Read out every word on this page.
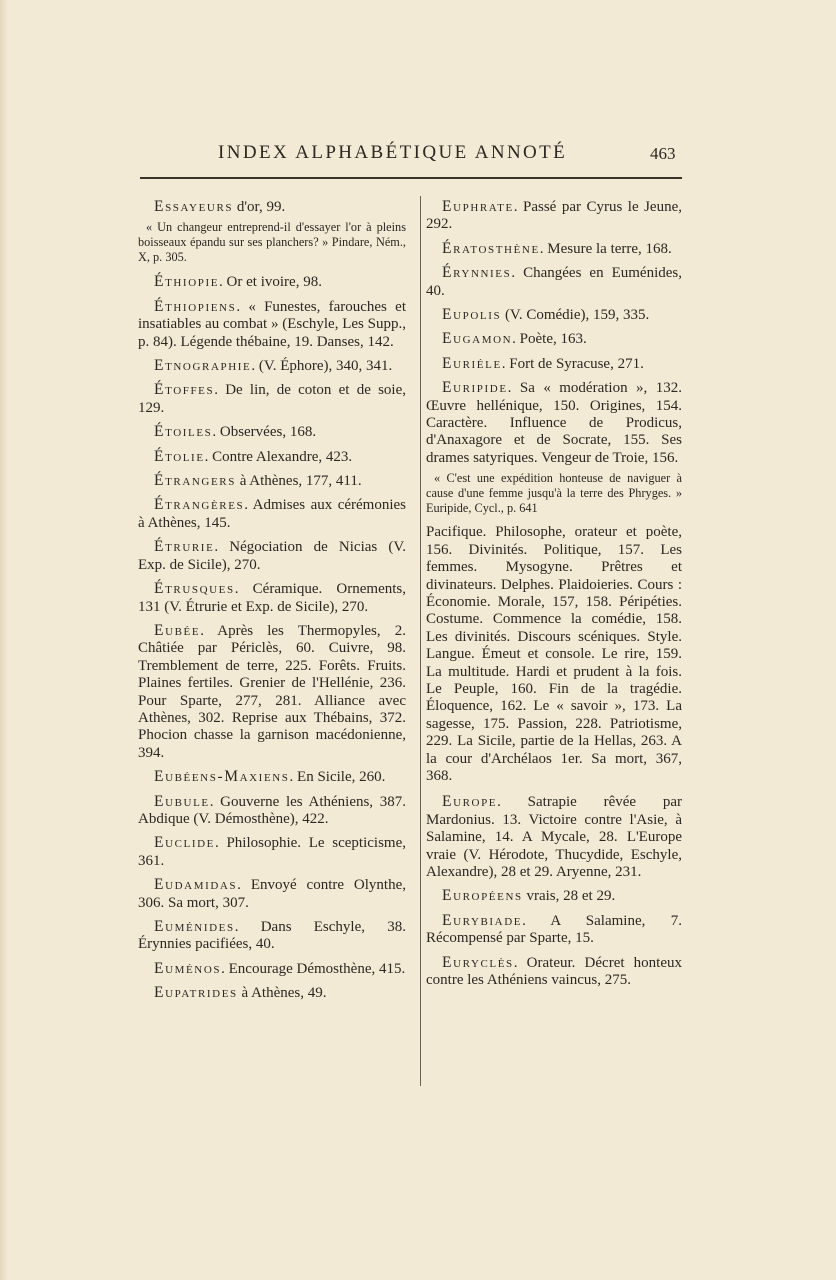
INDEX ALPHABÉTIQUE ANNOTÉ	463
Essayeurs d'or, 99.
« Un changeur entreprend-il d'essayer l'or à pleins boisseaux épandu sur ses planchers? » Pindare, Ném., X, p. 305.
Éthiopie. Or et ivoire, 98.
Éthiopiens. « Funestes, farouches et insatiables au combat » (Eschyle, Les Supp., p. 84). Légende thébaine, 19. Danses, 142.
Etnographie. (V. Éphore), 340, 341.
Étoffes. De lin, de coton et de soie, 129.
Étoiles. Observées, 168.
Étolie. Contre Alexandre, 423.
Étrangers à Athènes, 177, 411.
Étrangères. Admises aux cérémonies à Athènes, 145.
Étrurie. Négociation de Nicias (V. Exp. de Sicile), 270.
Étrusques. Céramique. Ornements, 131 (V. Étrurie et Exp. de Sicile), 270.
Eubée. Après les Thermopyles, 2. Châtiée par Périclès, 60. Cuivre, 98. Tremblement de terre, 225. Forêts. Fruits. Plaines fertiles. Grenier de l'Hellénie, 236. Pour Sparte, 277, 281. Alliance avec Athènes, 302. Reprise aux Thébains, 372. Phocion chasse la garnison macédonienne, 394.
Eubéens-Maxiens. En Sicile, 260.
Eubule. Gouverne les Athéniens, 387. Abdique (V. Démosthène), 422.
Euclide. Philosophie. Le scepticisme, 361.
Eudamidas. Envoyé contre Olynthe, 306. Sa mort, 307.
Euménides. Dans Eschyle, 38. Érynnies pacifiées, 40.
Euménos. Encourage Démosthène, 415.
Eupatrides à Athènes, 49.
Euphrate. Passé par Cyrus le Jeune, 292.
Ératosthène. Mesure la terre, 168.
Érynnies. Changées en Euménides, 40.
Eupolis (V. Comédie), 159, 335.
Eugamon. Poète, 163.
Euriéle. Fort de Syracuse, 271.
Euripide. Sa « modération », 132. Œuvre hellénique, 150. Origines, 154. Caractère. Influence de Prodicus, d'Anaxagore et de Socrate, 155. Ses drames satyriques. Vengeur de Troie, 156.
« C'est une expédition honteuse de naviguer à cause d'une femme jusqu'à la terre des Phryges. » Euripide, Cycl., p. 641
Pacifique. Philosophe, orateur et poète, 156. Divinités. Politique, 157. Les femmes. Mysogyne. Prêtres et divinateurs. Delphes. Plaidoieries. Cours : Économie. Morale, 157, 158. Péripéties. Costume. Commence la comédie, 158. Les divinités. Discours scéniques. Style. Langue. Émeut et console. Le rire, 159. La multitude. Hardi et prudent à la fois. Le Peuple, 160. Fin de la tragédie. Éloquence, 162. Le « savoir », 173. La sagesse, 175. Passion, 228. Patriotisme, 229. La Sicile, partie de la Hellas, 263. A la cour d'Archélaos 1er. Sa mort, 367, 368.
Europe. Satrapie rêvée par Mardonius. 13. Victoire contre l'Asie, à Salamine, 14. A Mycale, 28. L'Europe vraie (V. Hérodote, Thucydide, Eschyle, Alexandre), 28 et 29. Aryenne, 231.
Européens vrais, 28 et 29.
Eurybiade. A Salamine, 7. Récompensé par Sparte, 15.
Euryclès. Orateur. Décret honteux contre les Athéniens vaincus, 275.
